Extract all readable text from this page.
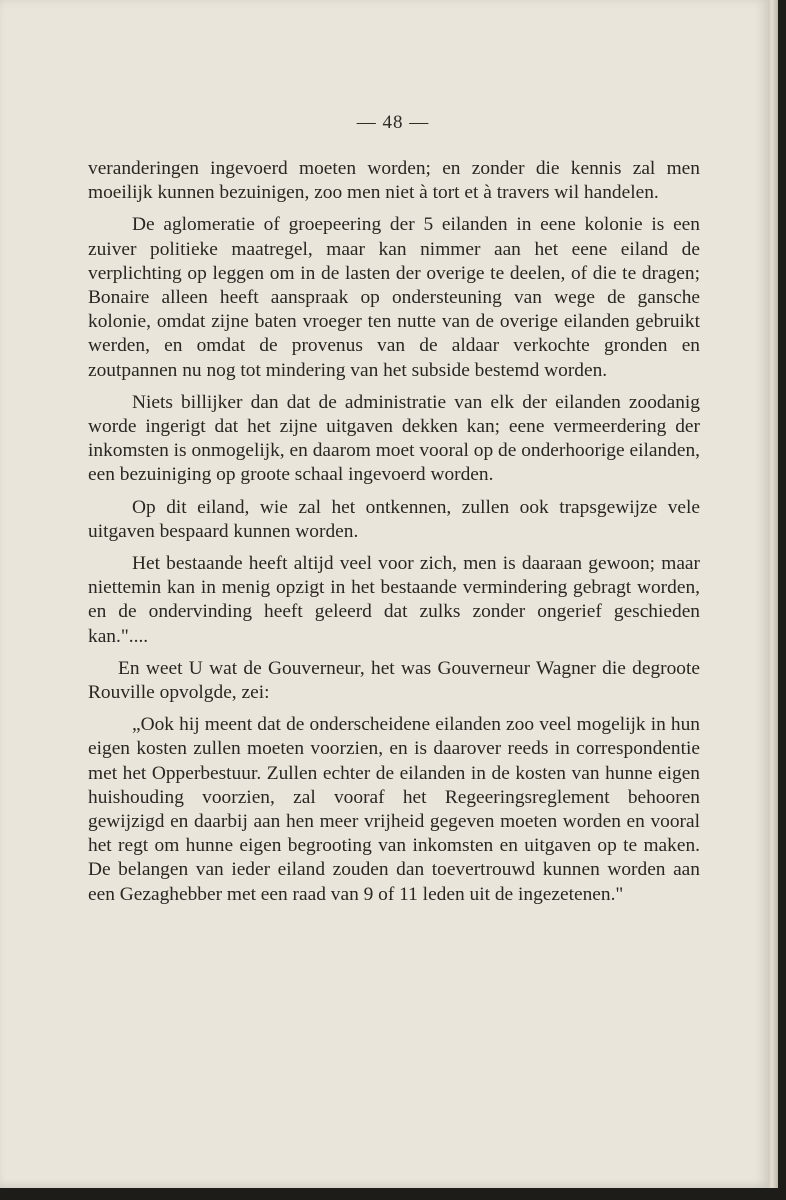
— 48 —

veranderingen ingevoerd moeten worden; en zonder die kennis zal men moeilijk kunnen bezuinigen, zoo men niet à tort et à travers wil handelen.

De aglomeratie of groepeering der 5 eilanden in eene kolonie is een zuiver politieke maatregel, maar kan nimmer aan het eene eiland de verplichting op leggen om in de lasten der overige te deelen, of die te dragen; Bonaire alleen heeft aanspraak op ondersteuning van wege de gansche kolonie, omdat zijne baten vroeger ten nutte van de overige eilanden gebruikt werden, en omdat de provenus van de aldaar verkochte gronden en zoutpannen nu nog tot mindering van het subside bestemd worden.

Niets billijker dan dat de administratie van elk der eilanden zoodanig worde ingerigt dat het zijne uitgaven dekken kan; eene vermeerdering der inkomsten is onmogelijk, en daarom moet vooral op de onderhoorige eilanden, een bezuiniging op groote schaal ingevoerd worden.

Op dit eiland, wie zal het ontkennen, zullen ook trapsgewijze vele uitgaven bespaard kunnen worden.

Het bestaande heeft altijd veel voor zich, men is daaraan gewoon; maar niettemin kan in menig opzigt in het bestaande vermindering gebragt worden, en de ondervinding heeft geleerd dat zulks zonder ongerief geschieden kan."....

En weet U wat de Gouverneur, het was Gouverneur Wagner die degroote Rouville opvolgde, zei:

„Ook hij meent dat de onderscheidene eilanden zoo veel mogelijk in hun eigen kosten zullen moeten voorzien, en is daarover reeds in correspondentie met het Opperbestuur. Zullen echter de eilanden in de kosten van hunne eigen huishouding voorzien, zal vooraf het Regeeringsreglement behooren gewijzigd en daarbij aan hen meer vrijheid gegeven moeten worden en vooral het regt om hunne eigen begrooting van inkomsten en uitgaven op te maken. De belangen van ieder eiland zouden dan toevertrouwd kunnen worden aan een Gezaghebber met een raad van 9 of 11 leden uit de ingezetenen."
